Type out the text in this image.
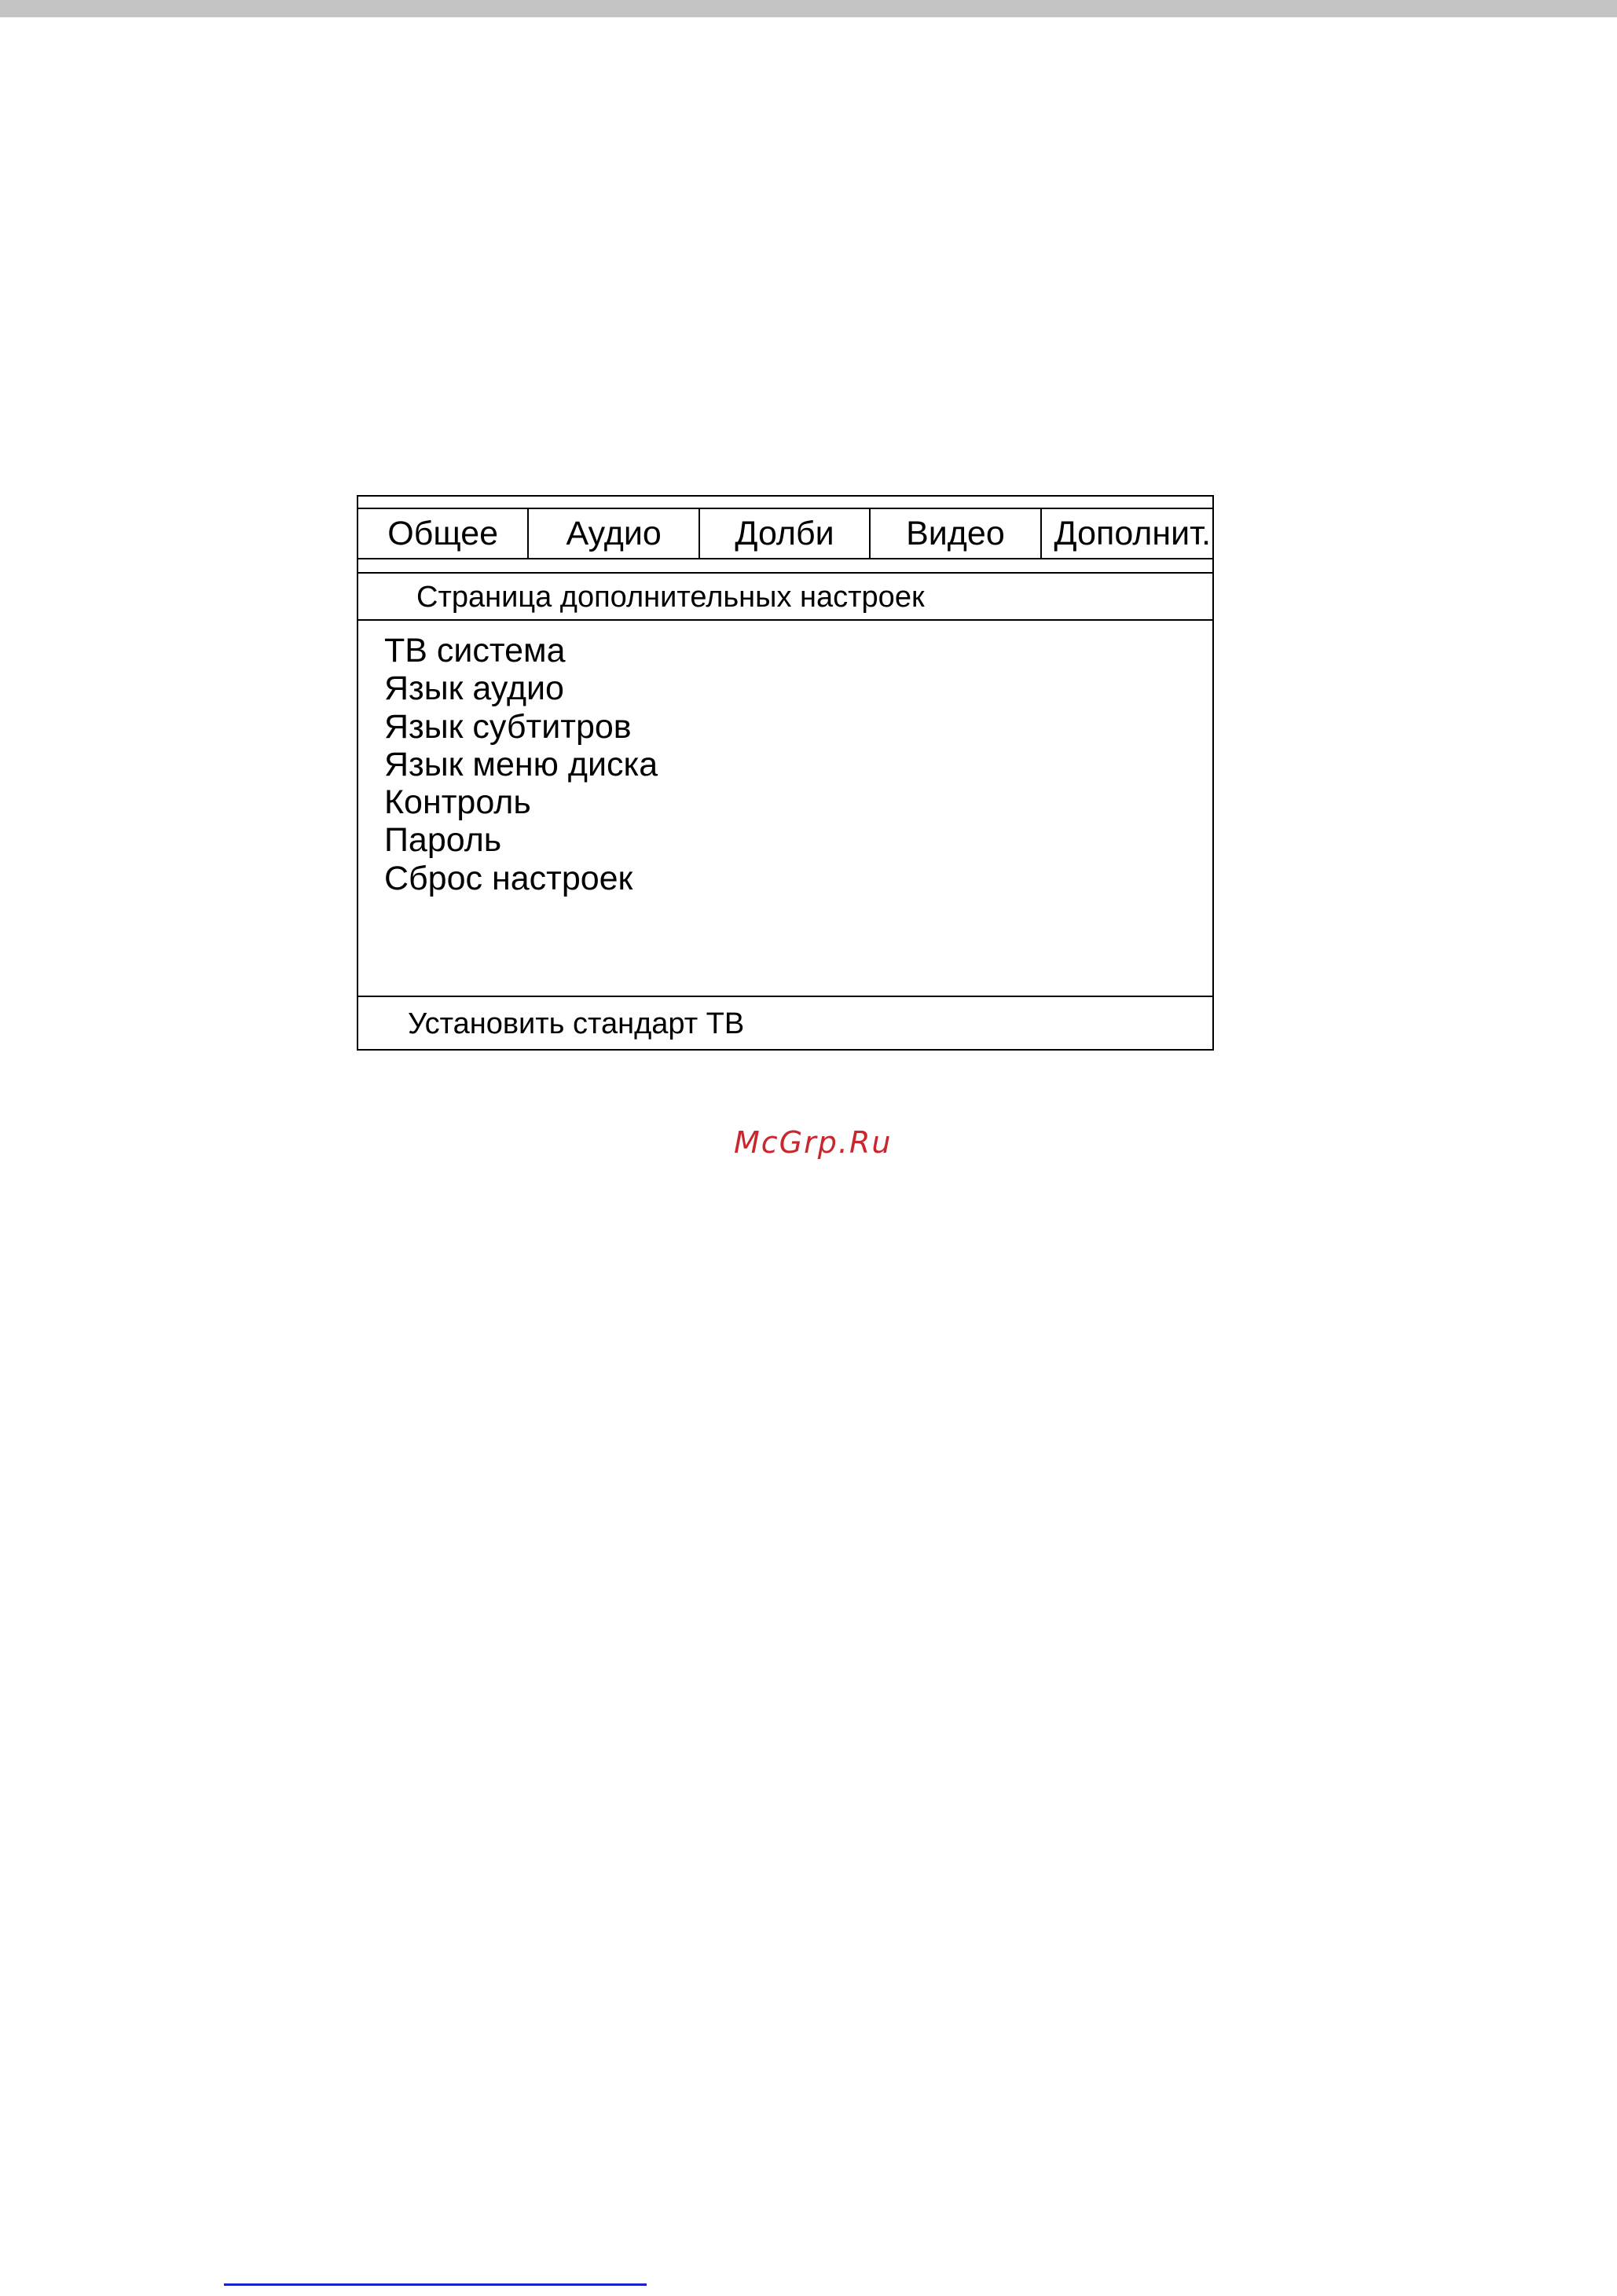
Общее	Аудио	Долби	Видео	Дополнит.
Страница дополнительных настроек
ТВ система
Язык аудио
Язык субтитров
Язык меню диска
Контроль
Пароль
Сброс настроек
Установить стандарт ТВ
McGrp.Ru
